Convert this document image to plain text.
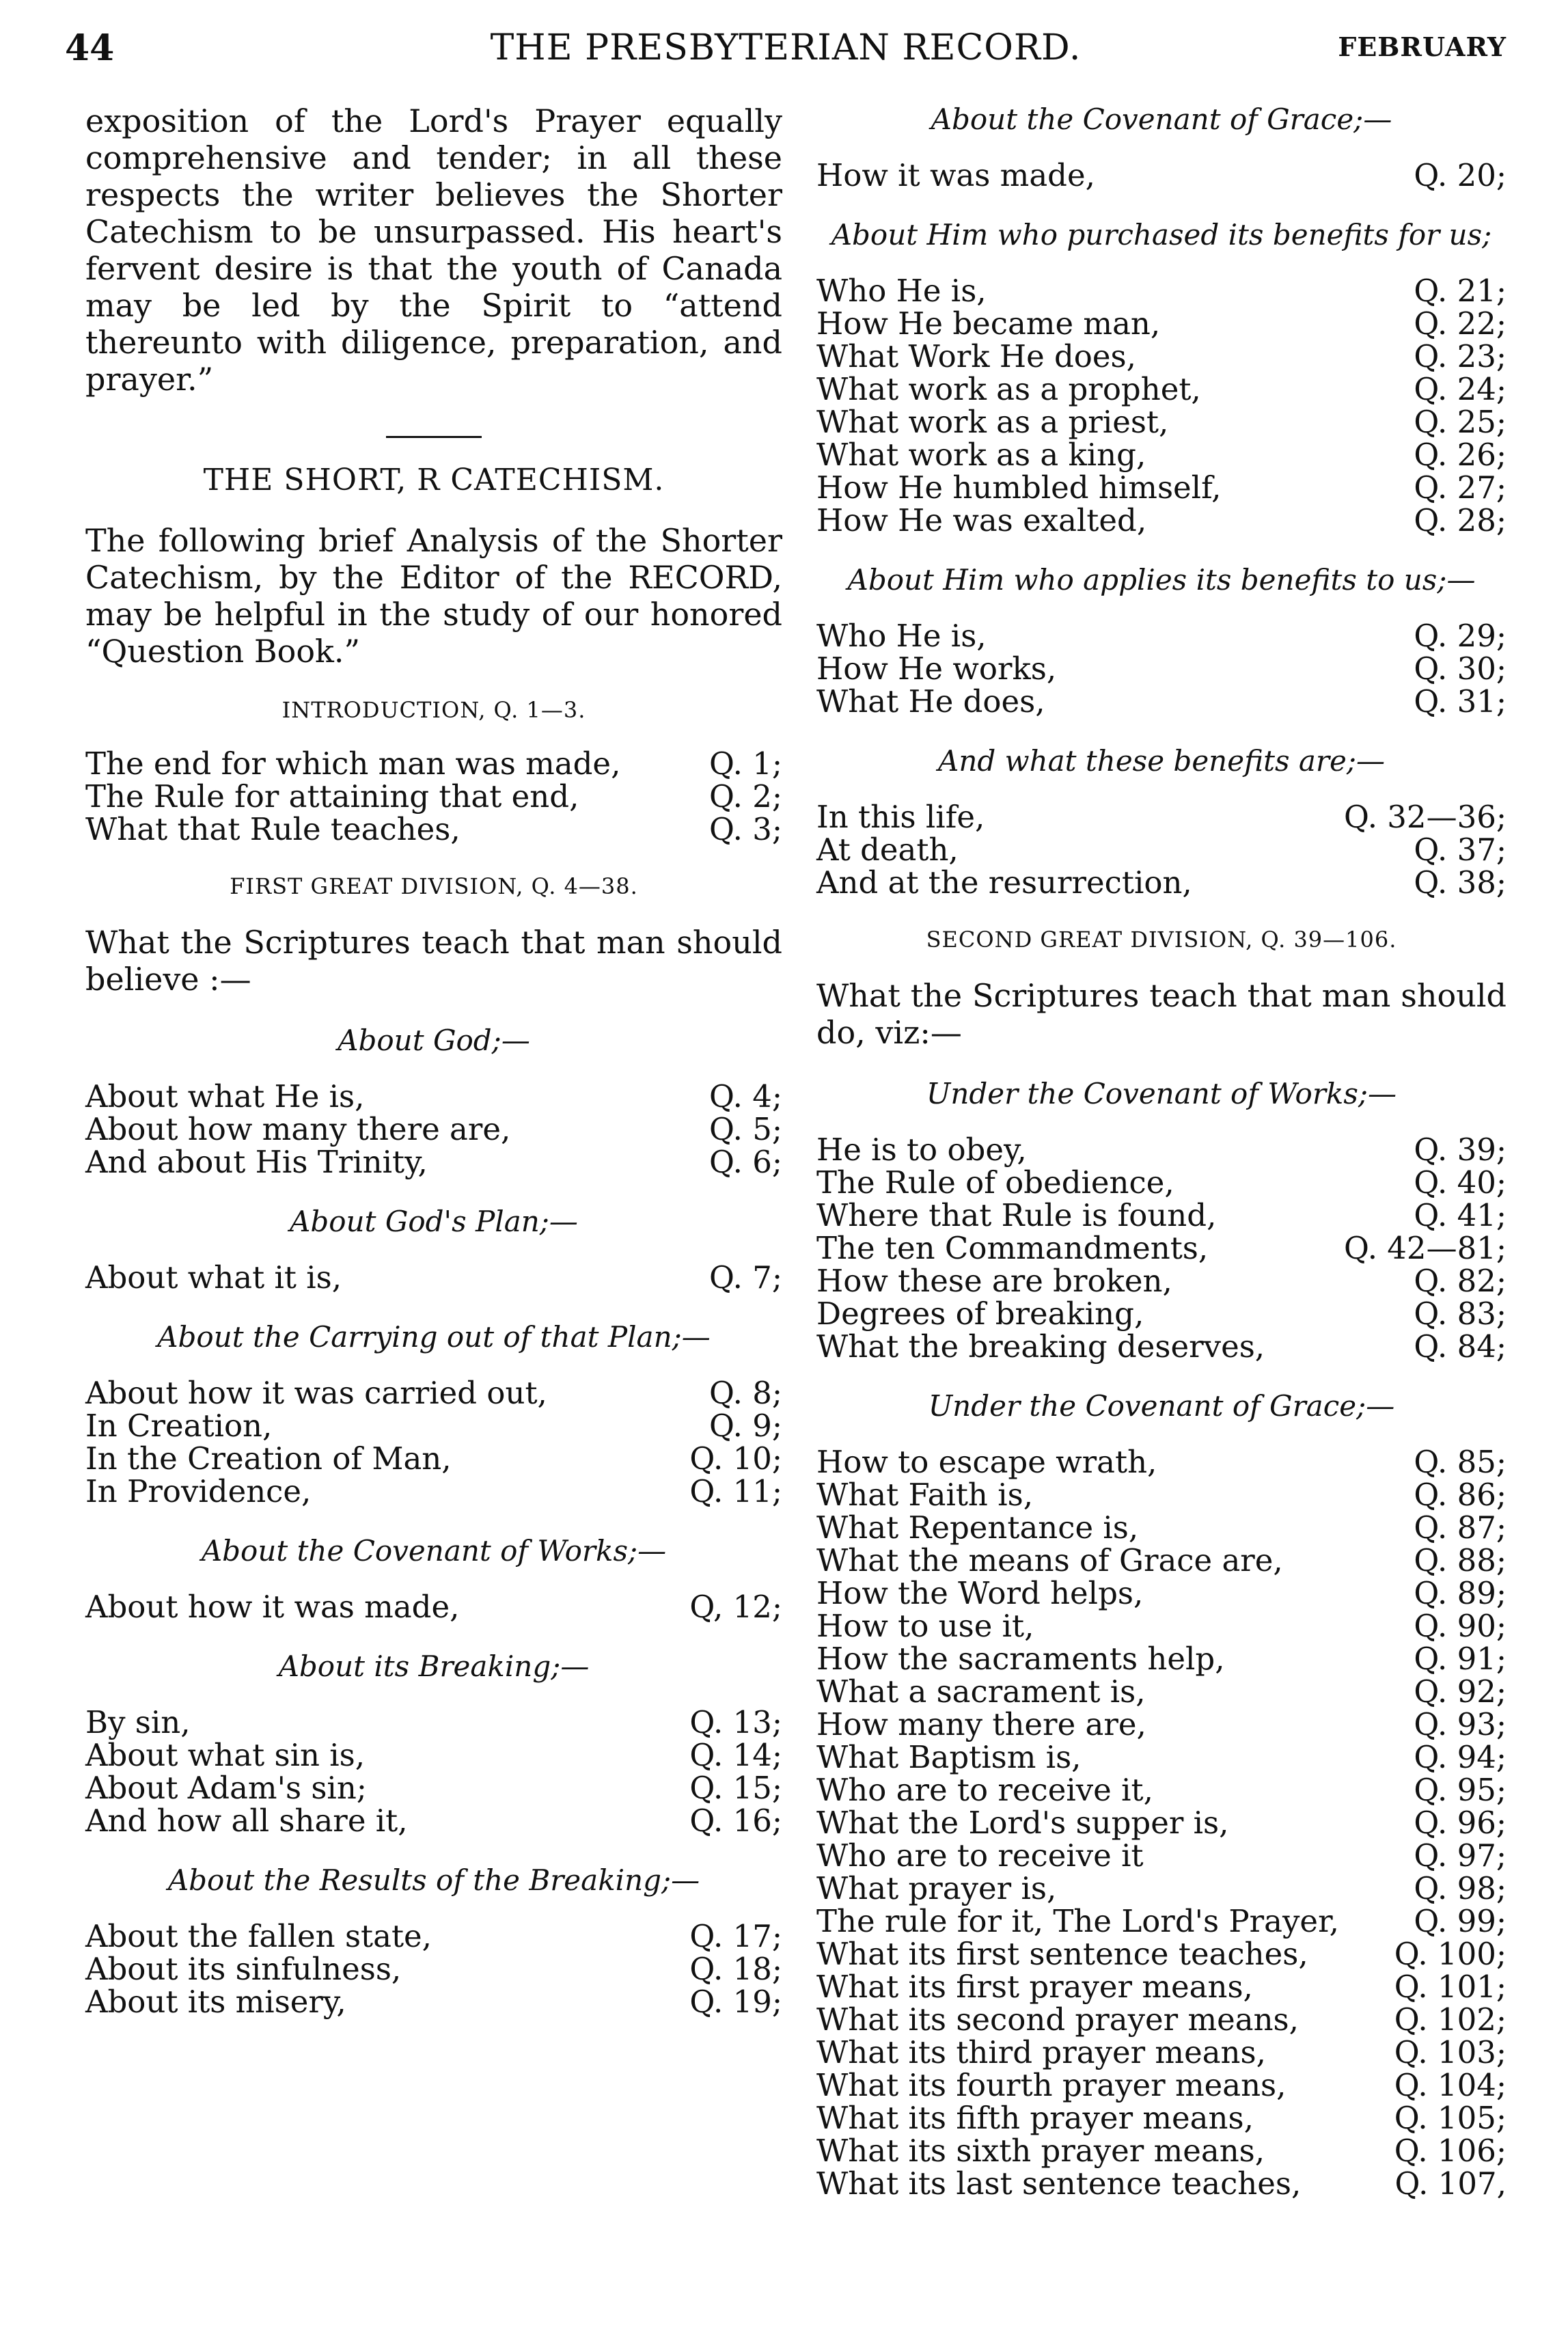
44	THE PRESBYTERIAN RECORD.	FEBRUARY

exposition of the Lord's Prayer equally comprehensive and tender; in all these respects the writer believes the Shorter Catechism to be unsurpassed. His heart's fervent desire is that the youth of Canada may be led by the Spirit to “attend thereunto with diligence, preparation, and prayer.”

THE SHORT, R CATECHISM.

The following brief Analysis of the Shorter Catechism, by the Editor of the RECORD, may be helpful in the study of our honored “Question Book.”

INTRODUCTION, Q. 1—3.
The end for which man was made,	Q. 1;
The Rule for attaining that end,	Q. 2;
What that Rule teaches,	Q. 3;
FIRST GREAT DIVISION, Q. 4—38.

What the Scriptures teach that man should believe :—

About God;—
About what He is,	Q. 4;
About how many there are,	Q. 5;
And about His Trinity,	Q. 6;
About God's Plan;—
About what it is,	Q. 7;
About the Carrying out of that Plan;—
About how it was carried out,	Q. 8;
In Creation,	Q. 9;
In the Creation of Man,	Q. 10;
In Providence,	Q. 11;
About the Covenant of Works;—
About how it was made,	Q, 12;
About its Breaking;—
By sin,	Q. 13;
About what sin is,	Q. 14;
About Adam's sin;	Q. 15;
And how all share it,	Q. 16;
About the Results of the Breaking;—
About the fallen state,	Q. 17;
About its sinfulness,	Q. 18;
About its misery,	Q. 19;
About the Covenant of Grace;—
How it was made,	Q. 20;
About Him who purchased its benefits for us;
Who He is,	Q. 21;
How He became man,	Q. 22;
What Work He does,	Q. 23;
What work as a prophet,	Q. 24;
What work as a priest,	Q. 25;
What work as a king,	Q. 26;
How He humbled himself,	Q. 27;
How He was exalted,	Q. 28;
About Him who applies its benefits to us;—
Who He is,	Q. 29;
How He works,	Q. 30;
What He does,	Q. 31;
And what these benefits are;—
In this life,	Q. 32—36;
At death,	Q. 37;
And at the resurrection,	Q. 38;
SECOND GREAT DIVISION, Q. 39—106.

What the Scriptures teach that man should do, viz:—

Under the Covenant of Works;—
He is to obey,	Q. 39;
The Rule of obedience,	Q. 40;
Where that Rule is found,	Q. 41;
The ten Commandments,	Q. 42—81;
How these are broken,	Q. 82;
Degrees of breaking,	Q. 83;
What the breaking deserves,	Q. 84;
Under the Covenant of Grace;—
How to escape wrath,	Q. 85;
What Faith is,	Q. 86;
What Repentance is,	Q. 87;
What the means of Grace are,	Q. 88;
How the Word helps,	Q. 89;
How to use it,	Q. 90;
How the sacraments help,	Q. 91;
What a sacrament is,	Q. 92;
How many there are,	Q. 93;
What Baptism is,	Q. 94;
Who are to receive it,	Q. 95;
What the Lord's supper is,	Q. 96;
Who are to receive it	Q. 97;
What prayer is,	Q. 98;
The rule for it, The Lord's Prayer,	Q. 99;
What its first sentence teaches,	Q. 100;
What its first prayer means,	Q. 101;
What its second prayer means,	Q. 102;
What its third prayer means,	Q. 103;
What its fourth prayer means,	Q. 104;
What its fifth prayer means,	Q. 105;
What its sixth prayer means,	Q. 106;
What its last sentence teaches,	Q. 107,
